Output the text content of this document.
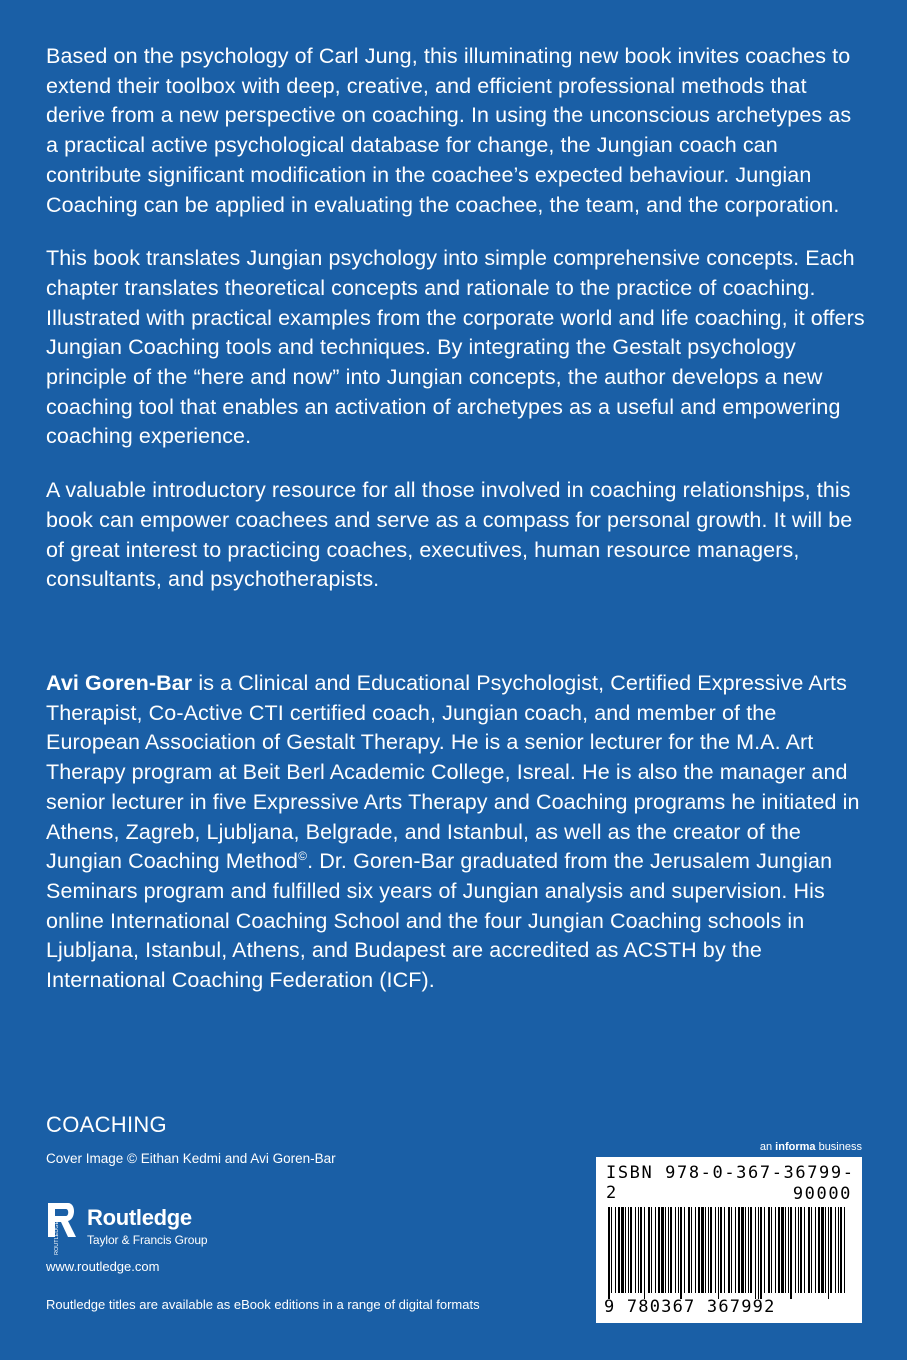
Based on the psychology of Carl Jung, this illuminating new book invites coaches to extend their toolbox with deep, creative, and efficient professional methods that derive from a new perspective on coaching. In using the unconscious archetypes as a practical active psychological database for change, the Jungian coach can contribute significant modification in the coachee’s expected behaviour. Jungian Coaching can be applied in evaluating the coachee, the team, and the corporation.

This book translates Jungian psychology into simple comprehensive concepts. Each chapter translates theoretical concepts and rationale to the practice of coaching. Illustrated with practical examples from the corporate world and life coaching, it offers Jungian Coaching tools and techniques. By integrating the Gestalt psychology principle of the “here and now” into Jungian concepts, the author develops a new coaching tool that enables an activation of archetypes as a useful and empowering coaching experience.

A valuable introductory resource for all those involved in coaching relationships, this book can empower coachees and serve as a compass for personal growth. It will be of great interest to practicing coaches, executives, human resource managers, consultants, and psychotherapists.

Avi Goren-Bar is a Clinical and Educational Psychologist, Certified Expressive Arts Therapist, Co-Active CTI certified coach, Jungian coach, and member of the European Association of Gestalt Therapy. He is a senior lecturer for the M.A. Art Therapy program at Beit Berl Academic College, Isreal. He is also the manager and senior lecturer in five Expressive Arts Therapy and Coaching programs he initiated in Athens, Zagreb, Ljubljana, Belgrade, and Istanbul, as well as the creator of the Jungian Coaching Method©. Dr. Goren-Bar graduated from the Jerusalem Jungian Seminars program and fulfilled six years of Jungian analysis and supervision. His online International Coaching School and the four Jungian Coaching schools in Ljubljana, Istanbul, Athens, and Budapest are accredited as ACSTH by the International Coaching Federation (ICF).

COACHING
Cover Image © Eithan Kedmi and Avi Goren-Bar
ROUTLEDGE
Routledge
Taylor & Francis Group
www.routledge.com
Routledge titles are available as eBook editions in a range of digital formats
an informa business
ISBN 978-0-367-36799-2	90000
9 780367 367992
